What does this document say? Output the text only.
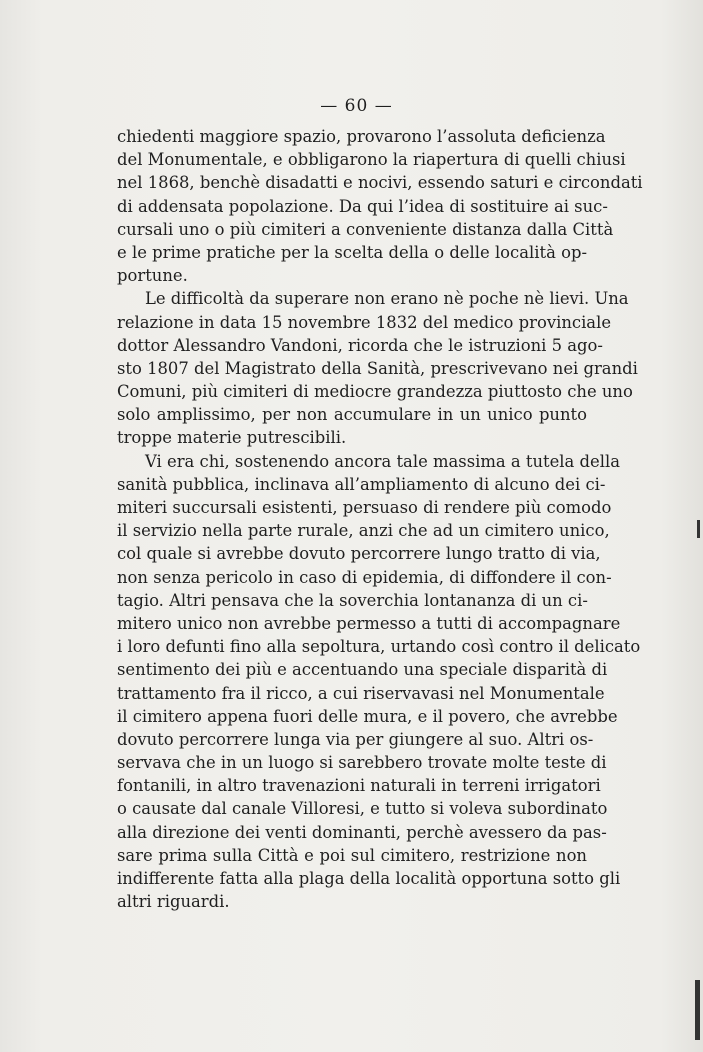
— 60 —
chiedenti maggiore spazio, provarono l’assoluta deficienza
del Monumentale, e obbligarono la riapertura di quelli chiusi
nel 1868, benchè disadatti e nocivi, essendo saturi e circondati
di addensata popolazione. Da qui l’idea di sostituire ai suc-
cursali uno o più cimiteri a conveniente distanza dalla Città
e le prime pratiche per la scelta della o delle località op-
portune.
Le difficoltà da superare non erano nè poche nè lievi. Una
relazione in data 15 novembre 1832 del medico provinciale
dottor Alessandro Vandoni, ricorda che le istruzioni 5 ago-
sto 1807 del Magistrato della Sanità, prescrivevano nei grandi
Comuni, più cimiteri di mediocre grandezza piuttosto che uno
solo amplissimo, per non accumulare in un unico punto
troppe materie putrescibili.
Vi era chi, sostenendo ancora tale massima a tutela della
sanità pubblica, inclinava all’ampliamento di alcuno dei ci-
miteri succursali esistenti, persuaso di rendere più comodo
il servizio nella parte rurale, anzi che ad un cimitero unico,
col quale si avrebbe dovuto percorrere lungo tratto di via,
non senza pericolo in caso di epidemia, di diffondere il con-
tagio. Altri pensava che la soverchia lontananza di un ci-
mitero unico non avrebbe permesso a tutti di accompagnare
i loro defunti fino alla sepoltura, urtando così contro il delicato
sentimento dei più e accentuando una speciale disparità di
trattamento fra il ricco, a cui riservavasi nel Monumentale
il cimitero appena fuori delle mura, e il povero, che avrebbe
dovuto percorrere lunga via per giungere al suo. Altri os-
servava che in un luogo si sarebbero trovate molte teste di
fontanili, in altro travenazioni naturali in terreni irrigatori
o causate dal canale Villoresi, e tutto si voleva subordinato
alla direzione dei venti dominanti, perchè avessero da pas-
sare prima sulla Città e poi sul cimitero, restrizione non
indifferente fatta alla plaga della località opportuna sotto gli
altri riguardi.
